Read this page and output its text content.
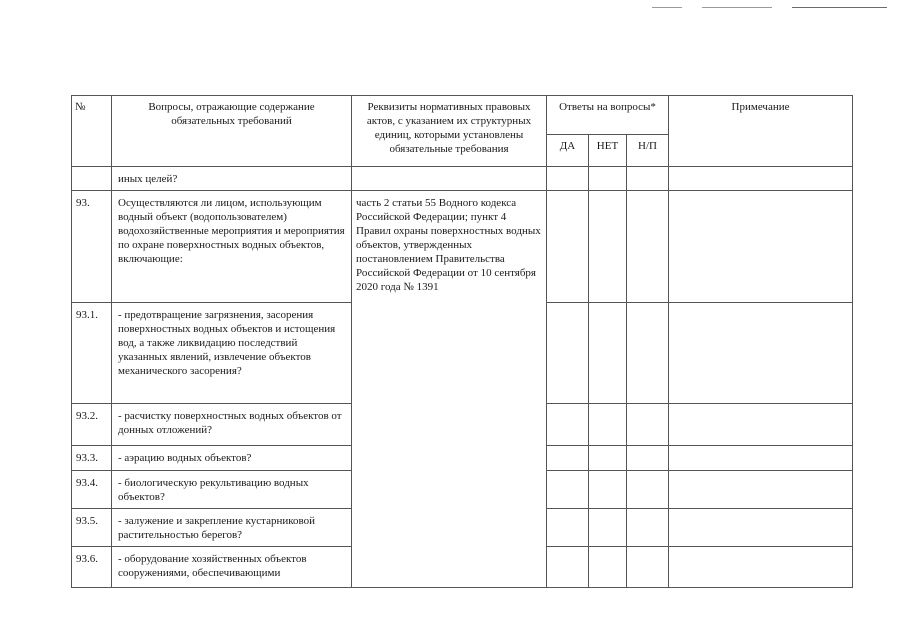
№	Вопросы, отражающие содержание обязательных требований	Реквизиты нормативных правовых актов, с указанием их структурных единиц, которыми установлены обязательные требования	Ответы на вопросы*			Примечание
			ДА	НЕТ	Н/П	
	иных целей?					
93.	Осуществляются ли лицом, использующим водный объект (водопользователем) водохозяйственные мероприятия и мероприятия по охране поверхностных водных объектов, включающие:	часть 2 статьи 55 Водного кодекса Российской Федерации; пункт 4 Правил охраны поверхностных водных объектов, утвержденных постановлением Правительства Российской Федерации от 10 сентября 2020 года № 1391				
93.1.	- предотвращение загрязнения, засорения поверхностных водных объектов и истощения вод, а также ликвидацию последствий указанных явлений, извлечение объектов механического засорения?					
93.2.	- расчистку поверхностных водных объектов от донных отложений?					
93.3.	- аэрацию водных объектов?					
93.4.	- биологическую рекультивацию водных объектов?					
93.5.	- залужение и закрепление кустарниковой растительностью берегов?					
93.6.	- оборудование хозяйственных объектов сооружениями, обеспечивающими					
